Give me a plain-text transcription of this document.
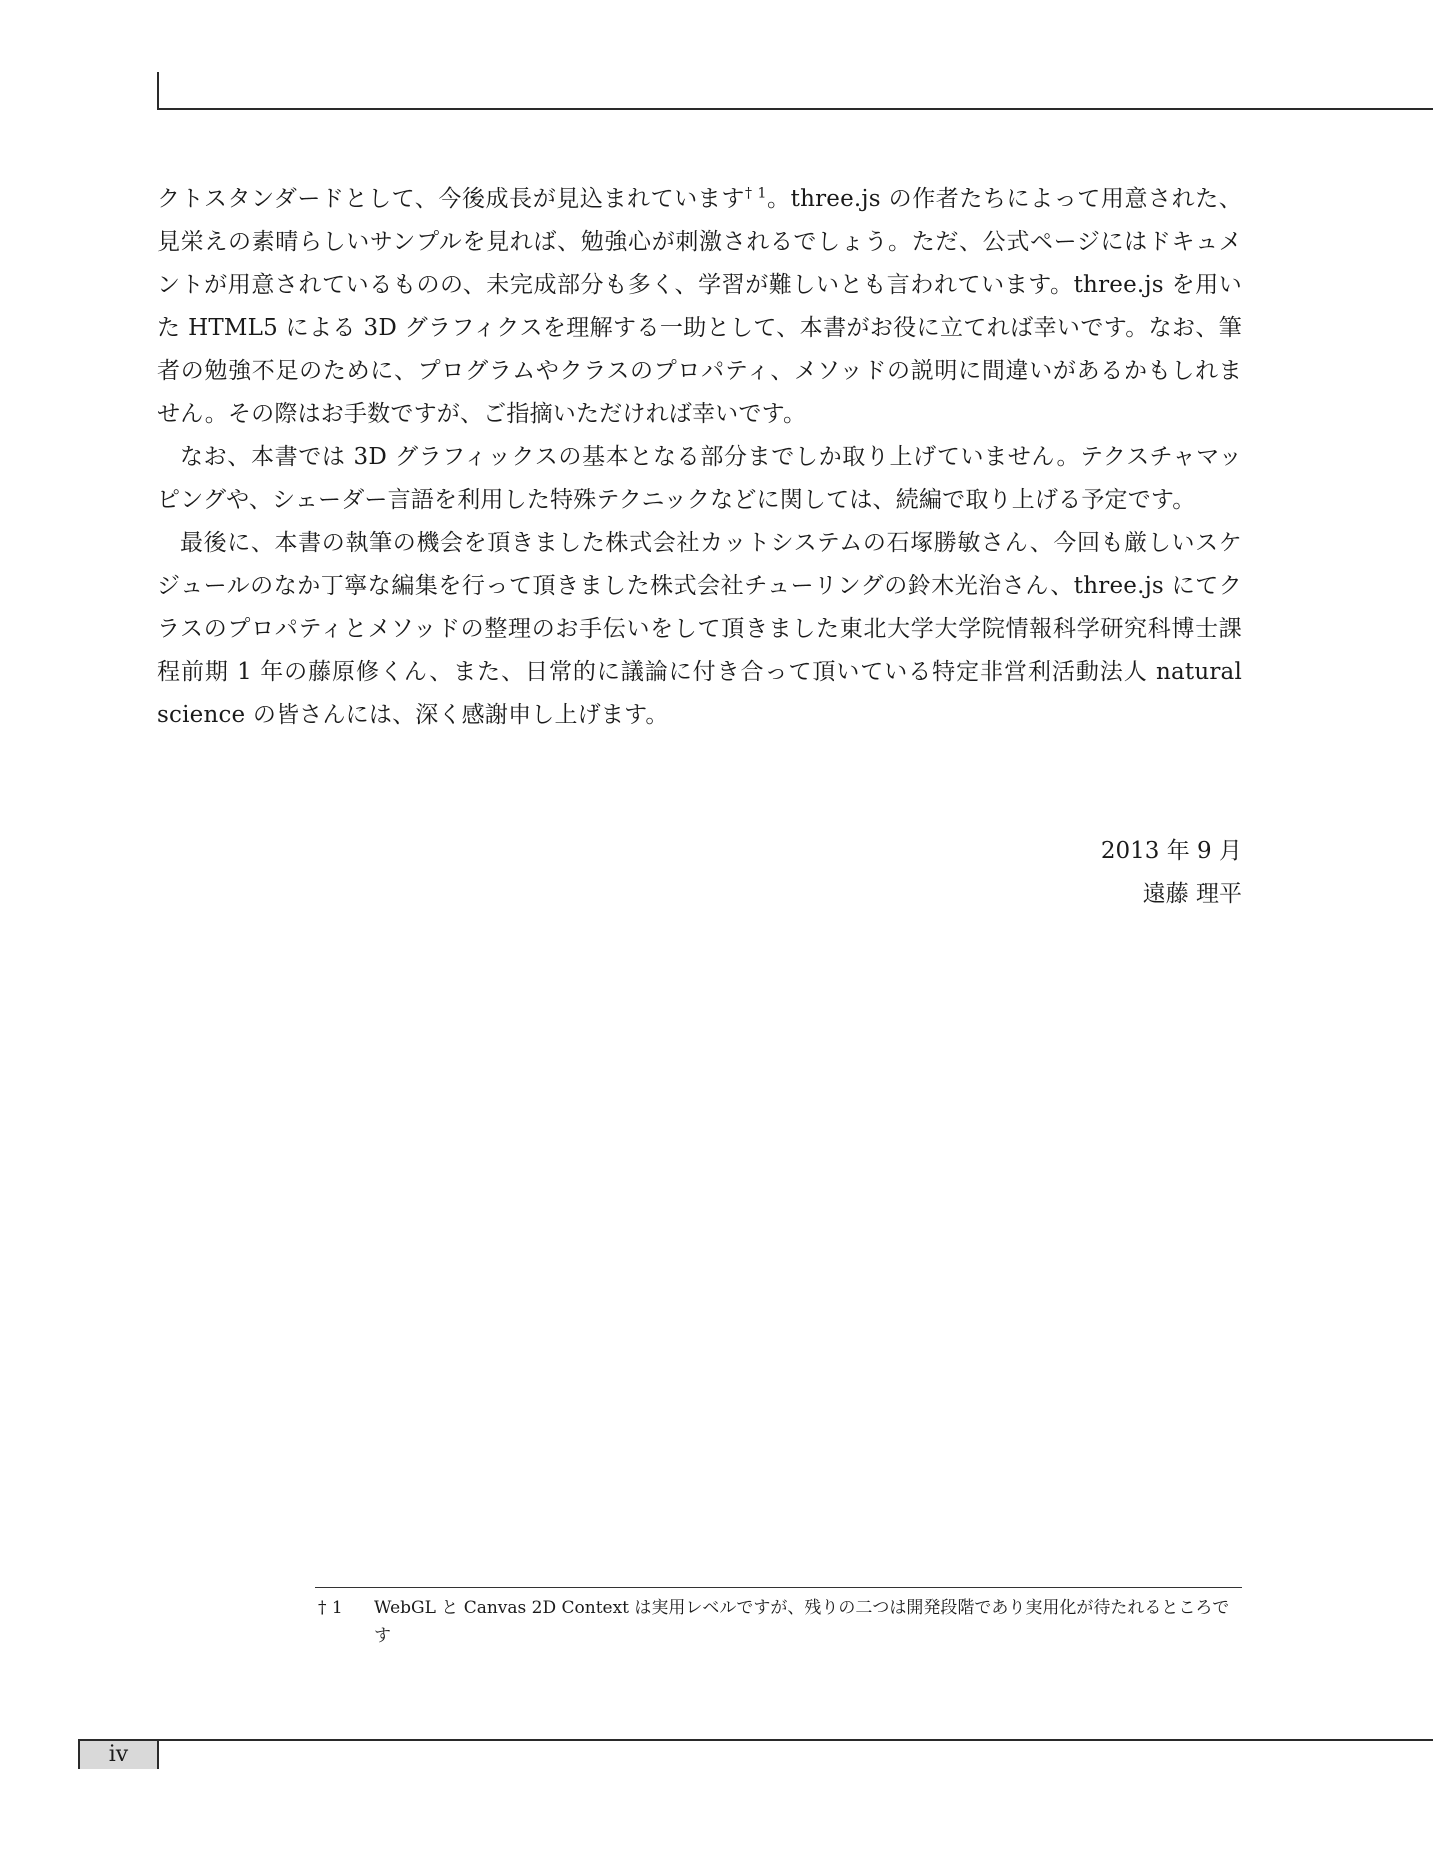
クトスタンダードとして、今後成長が見込まれています$^{\dagger 1}$。three.js の作者たちによって用意された、見栄えの素晴らしいサンプルを見れば、勉強心が刺激されるでしょう。ただ、公式ページにはドキュメントが用意されているものの、未完成部分も多く、学習が難しいとも言われています。three.js を用いた HTML5 による 3D グラフィクスを理解する一助として、本書がお役に立てれば幸いです。なお、筆者の勉強不足のために、プログラムやクラスのプロパティ、メソッドの説明に間違いがあるかもしれません。その際はお手数ですが、ご指摘いただければ幸いです。

なお、本書では 3D グラフィックスの基本となる部分までしか取り上げていません。テクスチャマッピングや、シェーダー言語を利用した特殊テクニックなどに関しては、続編で取り上げる予定です。

最後に、本書の執筆の機会を頂きました株式会社カットシステムの石塚勝敏さん、今回も厳しいスケジュールのなか丁寧な編集を行って頂きました株式会社チューリングの鈴木光治さん、three.js にてクラスのプロパティとメソッドの整理のお手伝いをして頂きました東北大学大学院情報科学研究科博士課程前期 1 年の藤原修くん、また、日常的に議論に付き合って頂いている特定非営利活動法人 natural science の皆さんには、深く感謝申し上げます。

2013 年 9 月
遠藤 理平
† 1	WebGL と Canvas 2D Context は実用レベルですが、残りの二つは開発段階であり実用化が待たれるところです
iv
